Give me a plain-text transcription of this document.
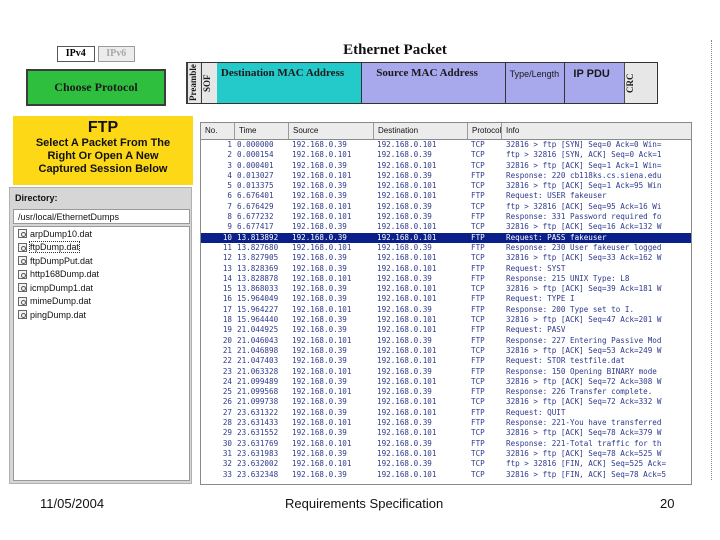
IPv4	IPv6
Choose Protocol
Ethernet Packet
Preamble SOF
Destination MAC Address	Source MAC Address	Type/Length	IP PDU	CRC
FTP
Select A Packet From The
Right Or Open A New
Captured Session Below
Directory:
/usr/local/EthernetDumps
arpDump10.dat
ftpDump.dat
ftpDumpPut.dat
http168Dump.dat
icmpDump1.dat
mimeDump.dat
pingDump.dat
No.	Time	Source	Destination	Protocol Info
1 0.000000	192.168.0.39	192.168.0.101	TCP	32816 > ftp [SYN] Seq=0 Ack=0 Win=
2 0.000154	192.168.0.101	192.168.0.39	TCP	ftp > 32816 [SYN, ACK] Seq=0 Ack=1
3 0.000401	192.168.0.39	192.168.0.101	TCP	32816 > ftp [ACK] Seq=1 Ack=1 Win=
4 0.013027	192.168.0.101	192.168.0.39	FTP	Response: 220 cb118ks.cs.siena.edu
5 0.013375	192.168.0.39	192.168.0.101	TCP	32816 > ftp [ACK] Seq=1 Ack=95 Win
6 6.676401	192.168.0.39	192.168.0.101	FTP	Request: USER fakeuser
7 6.676429	192.168.0.101	192.168.0.39	TCP	ftp > 32816 [ACK] Seq=95 Ack=16 Wi
8 6.677232	192.168.0.101	192.168.0.39	FTP	Response: 331 Password required fo
9 6.677417	192.168.0.39	192.168.0.101	TCP	32816 > ftp [ACK] Seq=16 Ack=132 W
10 13.813892	192.168.0.39	192.168.0.101	FTP	Request: PASS fakeuser
11 13.827680	192.168.0.101	192.168.0.39	FTP	Response: 230 User fakeuser logged
12 13.827905	192.168.0.39	192.168.0.101	TCP	32816 > ftp [ACK] Seq=33 Ack=162 W
13 13.828369	192.168.0.39	192.168.0.101	FTP	Request: SYST
14 13.828878	192.168.0.101	192.168.0.39	FTP	Response: 215 UNIX Type: L8
15 13.868033	192.168.0.39	192.168.0.101	TCP	32816 > ftp [ACK] Seq=39 Ack=181 W
16 15.964049	192.168.0.39	192.168.0.101	FTP	Request: TYPE I
17 15.964227	192.168.0.101	192.168.0.39	FTP	Response: 200 Type set to I.
18 15.964440	192.168.0.39	192.168.0.101	TCP	32816 > ftp [ACK] Seq=47 Ack=201 W
19 21.044925	192.168.0.39	192.168.0.101	FTP	Request: PASV
20 21.046043	192.168.0.101	192.168.0.39	FTP	Response: 227 Entering Passive Mod
21 21.046898	192.168.0.39	192.168.0.101	TCP	32816 > ftp [ACK] Seq=53 Ack=249 W
22 21.047403	192.168.0.39	192.168.0.101	FTP	Request: STOR testfile.dat
23 21.063328	192.168.0.101	192.168.0.39	FTP	Response: 150 Opening BINARY mode
24 21.099489	192.168.0.39	192.168.0.101	TCP	32816 > ftp [ACK] Seq=72 Ack=308 W
25 21.099568	192.168.0.101	192.168.0.39	FTP	Response: 226 Transfer complete.
26 21.099738	192.168.0.39	192.168.0.101	TCP	32816 > ftp [ACK] Seq=72 Ack=332 W
27 23.631322	192.168.0.39	192.168.0.101	FTP	Request: QUIT
28 23.631433	192.168.0.101	192.168.0.39	FTP	Response: 221-You have transferred
29 23.631552	192.168.0.39	192.168.0.101	TCP	32816 > ftp [ACK] Seq=78 Ack=379 W
30 23.631769	192.168.0.101	192.168.0.39	FTP	Response: 221-Total traffic for th
31 23.631983	192.168.0.39	192.168.0.101	TCP	32816 > ftp [ACK] Seq=78 Ack=525 W
32 23.632002	192.168.0.101	192.168.0.39	TCP	ftp > 32816 [FIN, ACK] Seq=525 Ack=
33 23.632348	192.168.0.39	192.168.0.101	TCP	32816 > ftp [FIN, ACK] Seq=78 Ack=5
11/05/2004	Requirements Specification	20
